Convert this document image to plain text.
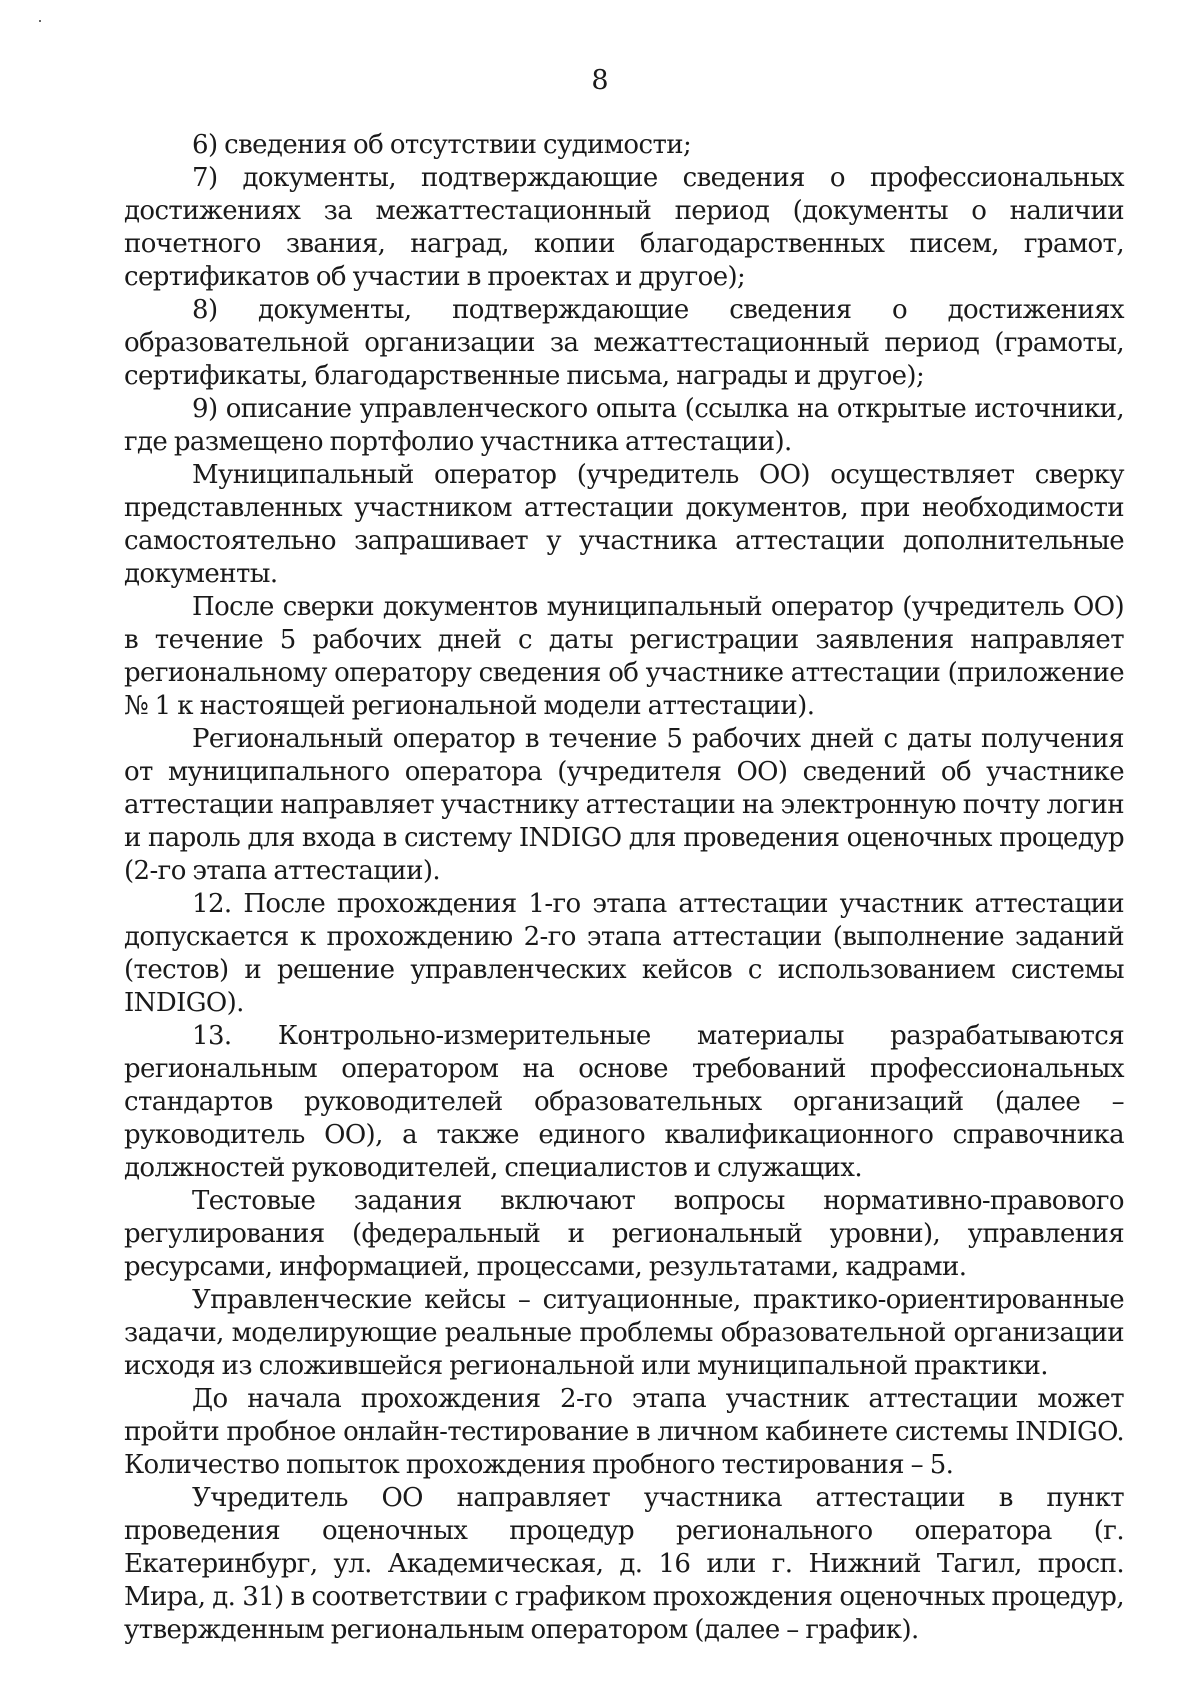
8

6) сведения об отсутствии судимости;

7) документы, подтверждающие сведения о профессиональных достижениях за межаттестационный период (документы о наличии почетного звания, наград, копии благодарственных писем, грамот, сертификатов об участии в проектах и другое);

8) документы, подтверждающие сведения о достижениях образовательной организации за межаттестационный период (грамоты, сертификаты, благодарственные письма, награды и другое);

9) описание управленческого опыта (ссылка на открытые источники, где размещено портфолио участника аттестации).

Муниципальный оператор (учредитель ОО) осуществляет сверку представленных участником аттестации документов, при необходимости самостоятельно запрашивает у участника аттестации дополнительные документы.

После сверки документов муниципальный оператор (учредитель ОО) в течение 5 рабочих дней с даты регистрации заявления направляет региональному оператору сведения об участнике аттестации (приложение № 1 к настоящей региональной модели аттестации).

Региональный оператор в течение 5 рабочих дней с даты получения от муниципального оператора (учредителя ОО) сведений об участнике аттестации направляет участнику аттестации на электронную почту логин и пароль для входа в систему INDIGO для проведения оценочных процедур (2-го этапа аттестации).

12. После прохождения 1-го этапа аттестации участник аттестации допускается к прохождению 2-го этапа аттестации (выполнение заданий (тестов) и решение управленческих кейсов с использованием системы INDIGO).

13. Контрольно-измерительные материалы разрабатываются региональным оператором на основе требований профессиональных стандартов руководителей образовательных организаций (далее – руководитель ОО), а также единого квалификационного справочника должностей руководителей, специалистов и служащих.

Тестовые задания включают вопросы нормативно-правового регулирования (федеральный и региональный уровни), управления ресурсами, информацией, процессами, результатами, кадрами.

Управленческие кейсы – ситуационные, практико-ориентированные задачи, моделирующие реальные проблемы образовательной организации исходя из сложившейся региональной или муниципальной практики.

До начала прохождения 2-го этапа участник аттестации может пройти пробное онлайн-тестирование в личном кабинете системы INDIGO. Количество попыток прохождения пробного тестирования – 5.

Учредитель ОО направляет участника аттестации в пункт проведения оценочных процедур регионального оператора (г. Екатеринбург, ул. Академическая, д. 16 или г. Нижний Тагил, просп. Мира, д. 31) в соответствии с графиком прохождения оценочных процедур, утвержденным региональным оператором (далее – график).
